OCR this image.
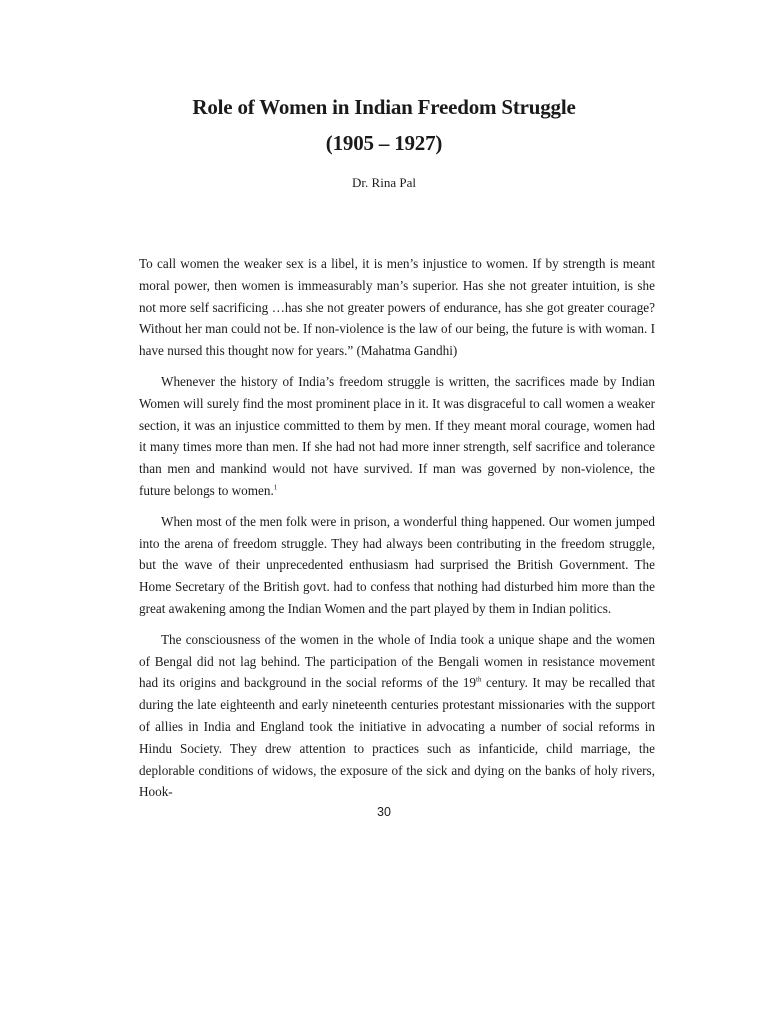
Role of Women in Indian Freedom Struggle
(1905 – 1927)

Dr. Rina Pal

To call women the weaker sex is a libel, it is men’s injustice to women. If by strength is meant moral power, then women is immeasurably man’s superior. Has she not greater intuition, is she not more self sacrificing …has she not greater powers of endurance, has she got greater courage? Without her man could not be. If non-violence is the law of our being, the future is with woman. I have nursed this thought now for years.” (Mahatma Gandhi)

Whenever the history of India’s freedom struggle is written, the sacrifices made by Indian Women will surely find the most prominent place in it. It was disgraceful to call women a weaker section, it was an injustice committed to them by men. If they meant moral courage, women had it many times more than men. If she had not had more inner strength, self sacrifice and tolerance than men and mankind would not have survived. If man was governed by non-violence, the future belongs to women.$^1$

When most of the men folk were in prison, a wonderful thing happened. Our women jumped into the arena of freedom struggle. They had always been contributing in the freedom struggle, but the wave of their unprecedented enthusiasm had surprised the British Government. The Home Secretary of the British govt. had to confess that nothing had disturbed him more than the great awakening among the Indian Women and the part played by them in Indian politics.

The consciousness of the women in the whole of India took a unique shape and the women of Bengal did not lag behind. The participation of the Bengali women in resistance movement had its origins and background in the social reforms of the 19th century. It may be recalled that during the late eighteenth and early nineteenth centuries protestant missionaries with the support of allies in India and England took the initiative in advocating a number of social reforms in Hindu Society. They drew attention to practices such as infanticide, child marriage, the deplorable conditions of widows, the exposure of the sick and dying on the banks of holy rivers, Hook-

30
